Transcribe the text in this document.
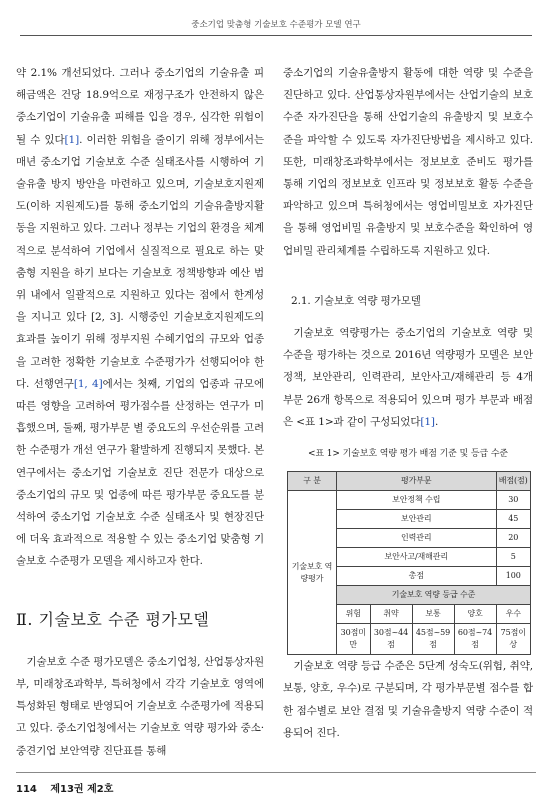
중소기업 맞춤형 기술보호 수준평가 모델 연구

약 2.1% 개선되었다. 그러나 중소기업의 기술유출 피해금액은 건당 18.9억으로 재정구조가 안전하지 않은 중소기업이 기술유출 피해를 입을 경우, 심각한 위험이 될 수 있다[1]. 이러한 위험을 줄이기 위해 정부에서는 매년 중소기업 기술보호 수준 실태조사를 시행하여 기술유출 방지 방안을 마련하고 있으며, 기술보호지원제도(이하 지원제도)를 통해 중소기업의 기술유출방지활동을 지원하고 있다. 그러나 정부는 기업의 환경을 체계적으로 분석하여 기업에서 실질적으로 필요로 하는 맞춤형 지원을 하기 보다는 기술보호 정책방향과 예산 범위 내에서 일괄적으로 지원하고 있다는 점에서 한계성을 지니고 있다 [2, 3]. 시행중인 기술보호지원제도의 효과를 높이기 위해 정부지원 수혜기업의 규모와 업종을 고려한 정확한 기술보호 수준평가가 선행되어야 한다. 선행연구[1, 4]에서는 첫째, 기업의 업종과 규모에 따른 영향을 고려하여 평가점수를 산정하는 연구가 미흡했으며, 둘째, 평가부문 별 중요도의 우선순위를 고려한 수준평가 개선 연구가 활발하게 진행되지 못했다. 본 연구에서는 중소기업 기술보호 진단 전문가 대상으로 중소기업의 규모 및 업종에 따른 평가부문 중요도를 분석하여 중소기업 기술보호 수준 실태조사 및 현장진단에 더욱 효과적으로 적용할 수 있는 중소기업 맞춤형 기술보호 수준평가 모델을 제시하고자 한다.

Ⅱ. 기술보호 수준 평가모델

기술보호 수준 평가모델은 중소기업청, 산업통상자원부, 미래창조과학부, 특허청에서 각각 기술보호 영역에 특성화된 형태로 반영되어 기술보호 수준평가에 적용되고 있다. 중소기업청에서는 기술보호 역량 평가와 중소·중견기업 보안역량 진단표를 통해

중소기업의 기술유출방지 활동에 대한 역량 및 수준을 진단하고 있다. 산업통상자원부에서는 산업기술의 보호수준 자가진단을 통해 산업기술의 유출방지 및 보호수준을 파악할 수 있도록 자가진단방법을 제시하고 있다. 또한, 미래창조과학부에서는 정보보호 준비도 평가를 통해 기업의 정보보호 인프라 및 정보보호 활동 수준을 파악하고 있으며 특허청에서는 영업비밀보호 자가진단을 통해 영업비밀 유출방지 및 보호수준을 확인하여 영업비밀 관리체계를 수립하도록 지원하고 있다.

2.1. 기술보호 역량 평가모델

기술보호 역량평가는 중소기업의 기술보호 역량 및 수준을 평가하는 것으로 2016년 역량평가 모델은 보안정책, 보안관리, 인력관리, 보안사고/재해관리 등 4개 부문 26개 항목으로 적용되어 있으며 평가 부문과 배점은 <표 1>과 같이 구성되었다[1].

<표 1> 기술보호 역량 평가 배점 기준 및 등급 수준
구 분	평가부문				배점(점)
기술보호 역량평가	보안정책 수립				30
	보안관리				45
	인력관리				20
	보안사고/재해관리				5
	총점				100
	기술보호 역량 등급 수준				
	위험	취약	보통	양호	우수
	30점미만	30점~44점	45점~59점	60점~74점	75점이상

기술보호 역량 등급 수준은 5단계 성숙도(위험, 취약, 보통, 양호, 우수)로 구분되며, 각 평가부문별 점수를 합한 점수별로 보안 결점 및 기술유출방지 역량 수준이 적용되어 진다.

114 제13권 제2호
